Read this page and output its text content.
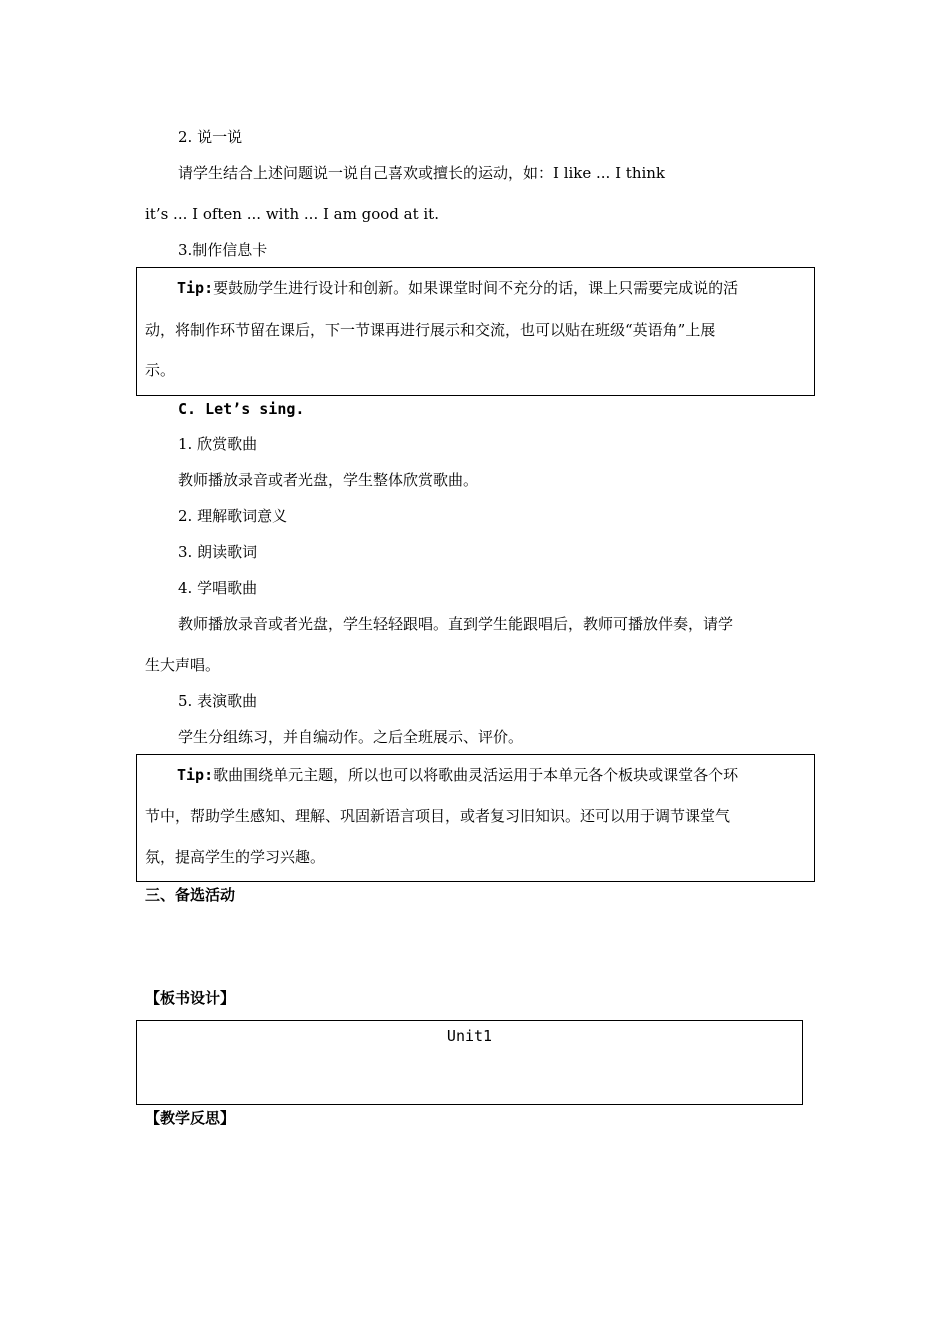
2. 说一说
请学生结合上述问题说一说自己喜欢或擅长的运动，如：I like ... I think
it’s ... I often ... with ... I am good at it.
3.制作信息卡
Tip:要鼓励学生进行设计和创新。如果课堂时间不充分的话，课上只需要完成说的活
动，将制作环节留在课后，下一节课再进行展示和交流，也可以贴在班级“英语角”上展
示。
C. Let’s sing.
1. 欣赏歌曲
教师播放录音或者光盘，学生整体欣赏歌曲。
2. 理解歌词意义
3. 朗读歌词
4. 学唱歌曲
教师播放录音或者光盘，学生轻轻跟唱。直到学生能跟唱后，教师可播放伴奏，请学
生大声唱。
5. 表演歌曲
学生分组练习，并自编动作。之后全班展示、评价。
Tip:歌曲围绕单元主题，所以也可以将歌曲灵活运用于本单元各个板块或课堂各个环
节中，帮助学生感知、理解、巩固新语言项目，或者复习旧知识。还可以用于调节课堂气
氛，提高学生的学习兴趣。
三、备选活动
【板书设计】
Unit1
【教学反思】
